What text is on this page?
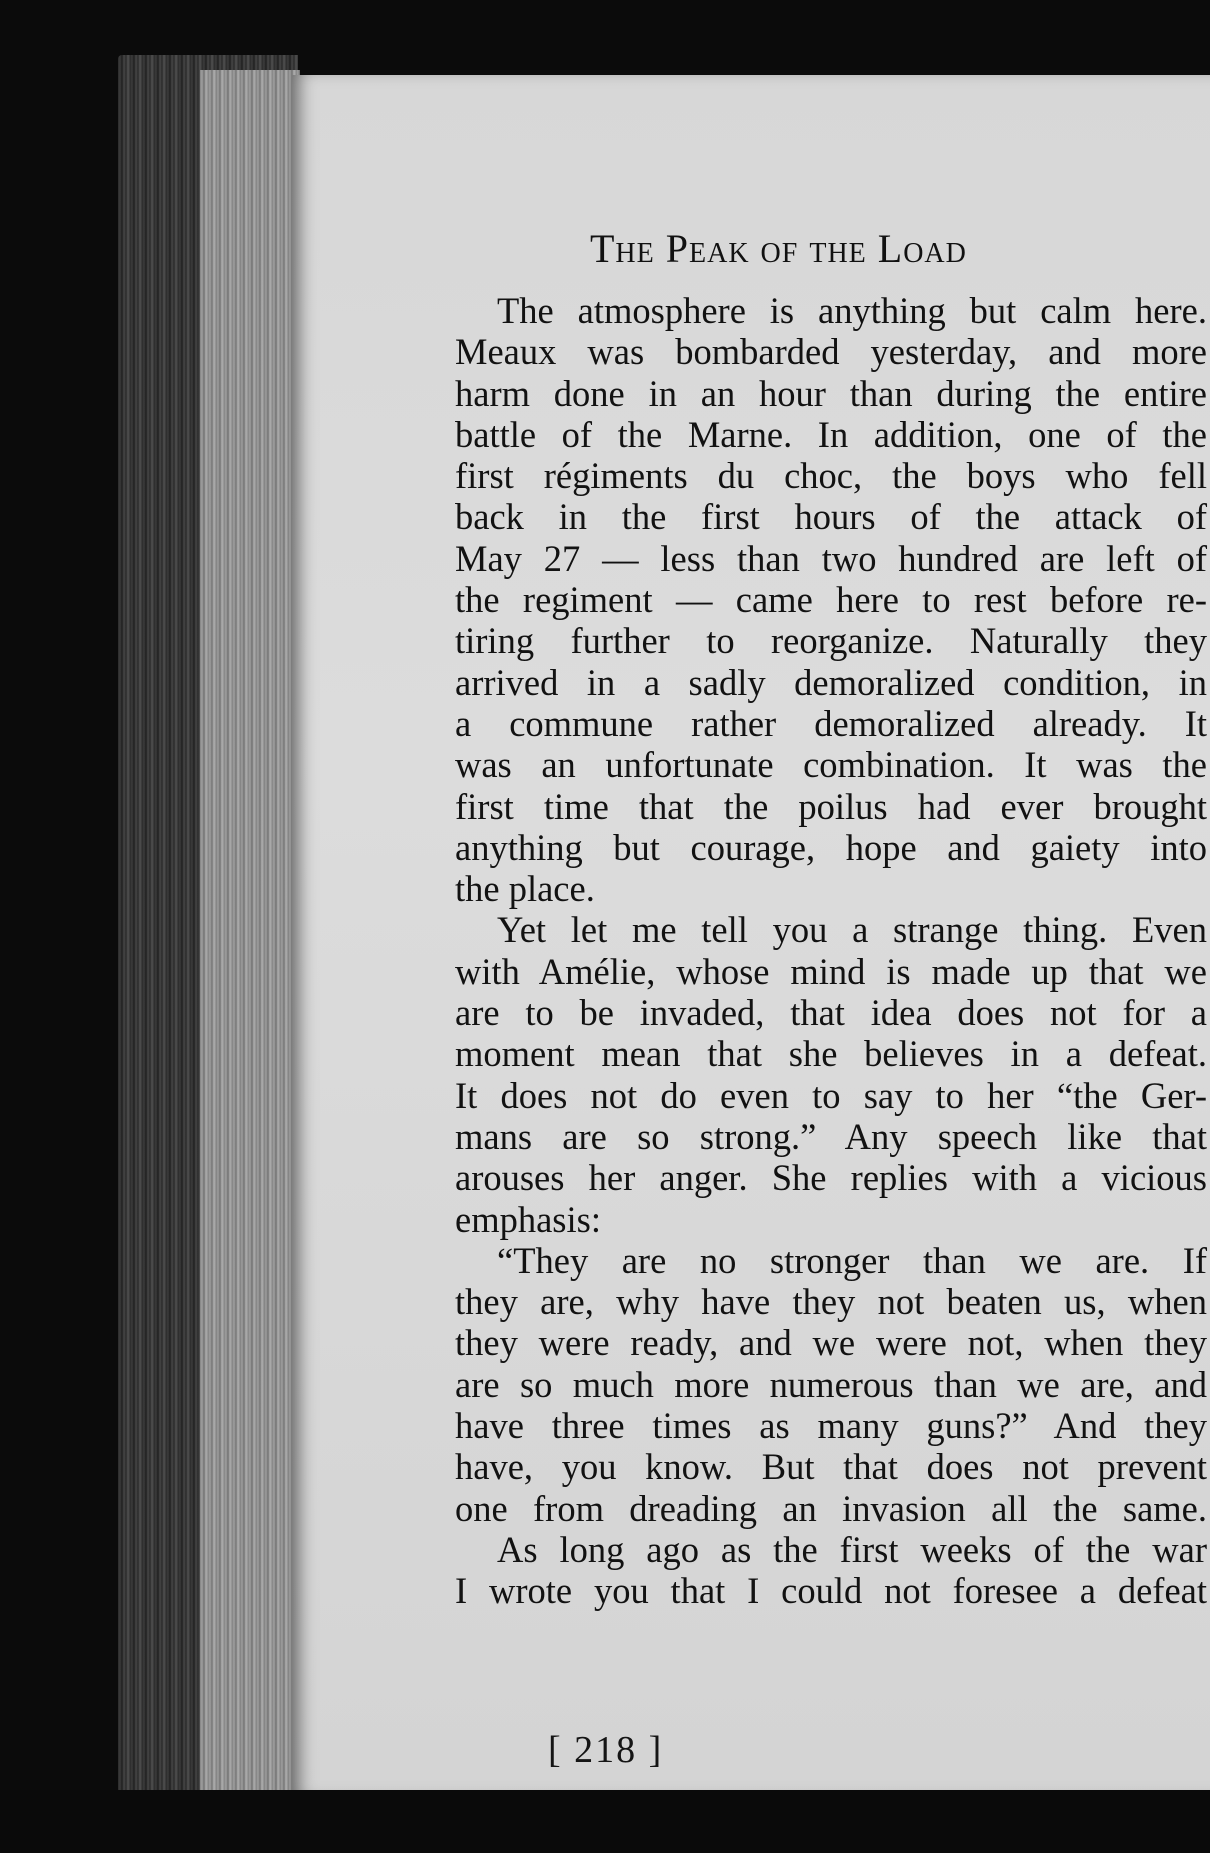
The Peak of the Load
The atmosphere is anything but calm here.
Meaux was bombarded yesterday, and more
harm done in an hour than during the entire
battle of the Marne. In addition, one of the
first régiments du choc, the boys who fell
back in the first hours of the attack of
May 27 — less than two hundred are left of
the regiment — came here to rest before re-
tiring further to reorganize. Naturally they
arrived in a sadly demoralized condition, in
a commune rather demoralized already. It
was an unfortunate combination. It was the
first time that the poilus had ever brought
anything but courage, hope and gaiety into
the place.
Yet let me tell you a strange thing. Even
with Amélie, whose mind is made up that we
are to be invaded, that idea does not for a
moment mean that she believes in a defeat.
It does not do even to say to her “the Ger-
mans are so strong.” Any speech like that
arouses her anger. She replies with a vicious
emphasis:
“They are no stronger than we are. If
they are, why have they not beaten us, when
they were ready, and we were not, when they
are so much more numerous than we are, and
have three times as many guns?” And they
have, you know. But that does not prevent
one from dreading an invasion all the same.
As long ago as the first weeks of the war
I wrote you that I could not foresee a defeat
[ 218 ]
